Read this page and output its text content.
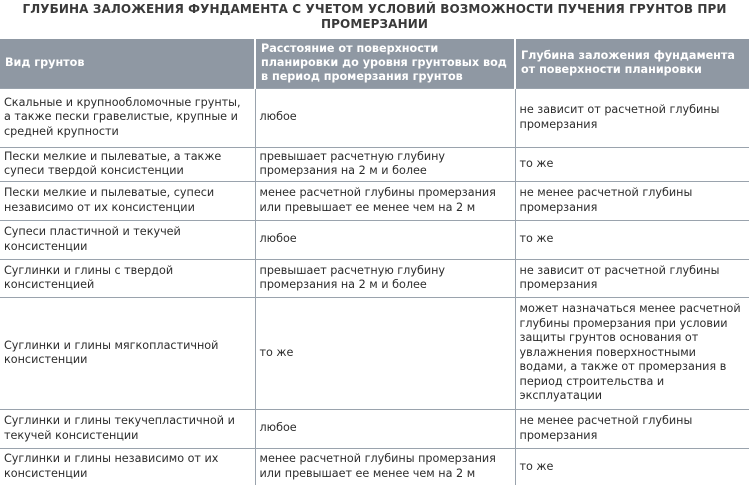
ГЛУБИНА ЗАЛОЖЕНИЯ ФУНДАМЕНТА С УЧЕТОМ УСЛОВИЙ ВОЗМОЖНОСТИ ПУЧЕНИЯ ГРУНТОВ ПРИ
ПРОМЕРЗАНИИ
Вид грунтов	Расстояние от поверхности планировки до уровня грунтовых вод в период промерзания грунтов	Глубина заложения фундамента от поверхности планировки
Скальные и крупнообломочные грунты, а также пески гравелистые, крупные и средней крупности	любое	не зависит от расчетной глубины промерзания
Пески мелкие и пылеватые, а также супеси твердой консистенции	превышает расчетную глубину промерзания на 2 м и более	то же
Пески мелкие и пылеватые, супеси независимо от их консистенции	менее расчетной глубины промерзания или превышает ее менее чем на 2 м	не менее расчетной глубины промерзания
Супеси пластичной и текучей консистенции	любое	то же
Суглинки и глины с твердой консистенцией	превышает расчетную глубину промерзания на 2 м и более	не зависит от расчетной глубины промерзания
Суглинки и глины мягкопластичной консистенции	то же	может назначаться менее расчетной глубины промерзания при условии защиты грунтов основания от увлажнения поверхностными водами, а также от промерзания в период строительства и эксплуатации
Суглинки и глины текучепластичной и текучей консистенции	любое	не менее расчетной глубины промерзания
Суглинки и глины независимо от их консистенции	менее расчетной глубины промерзания или превышает ее менее чем на 2 м	то же
